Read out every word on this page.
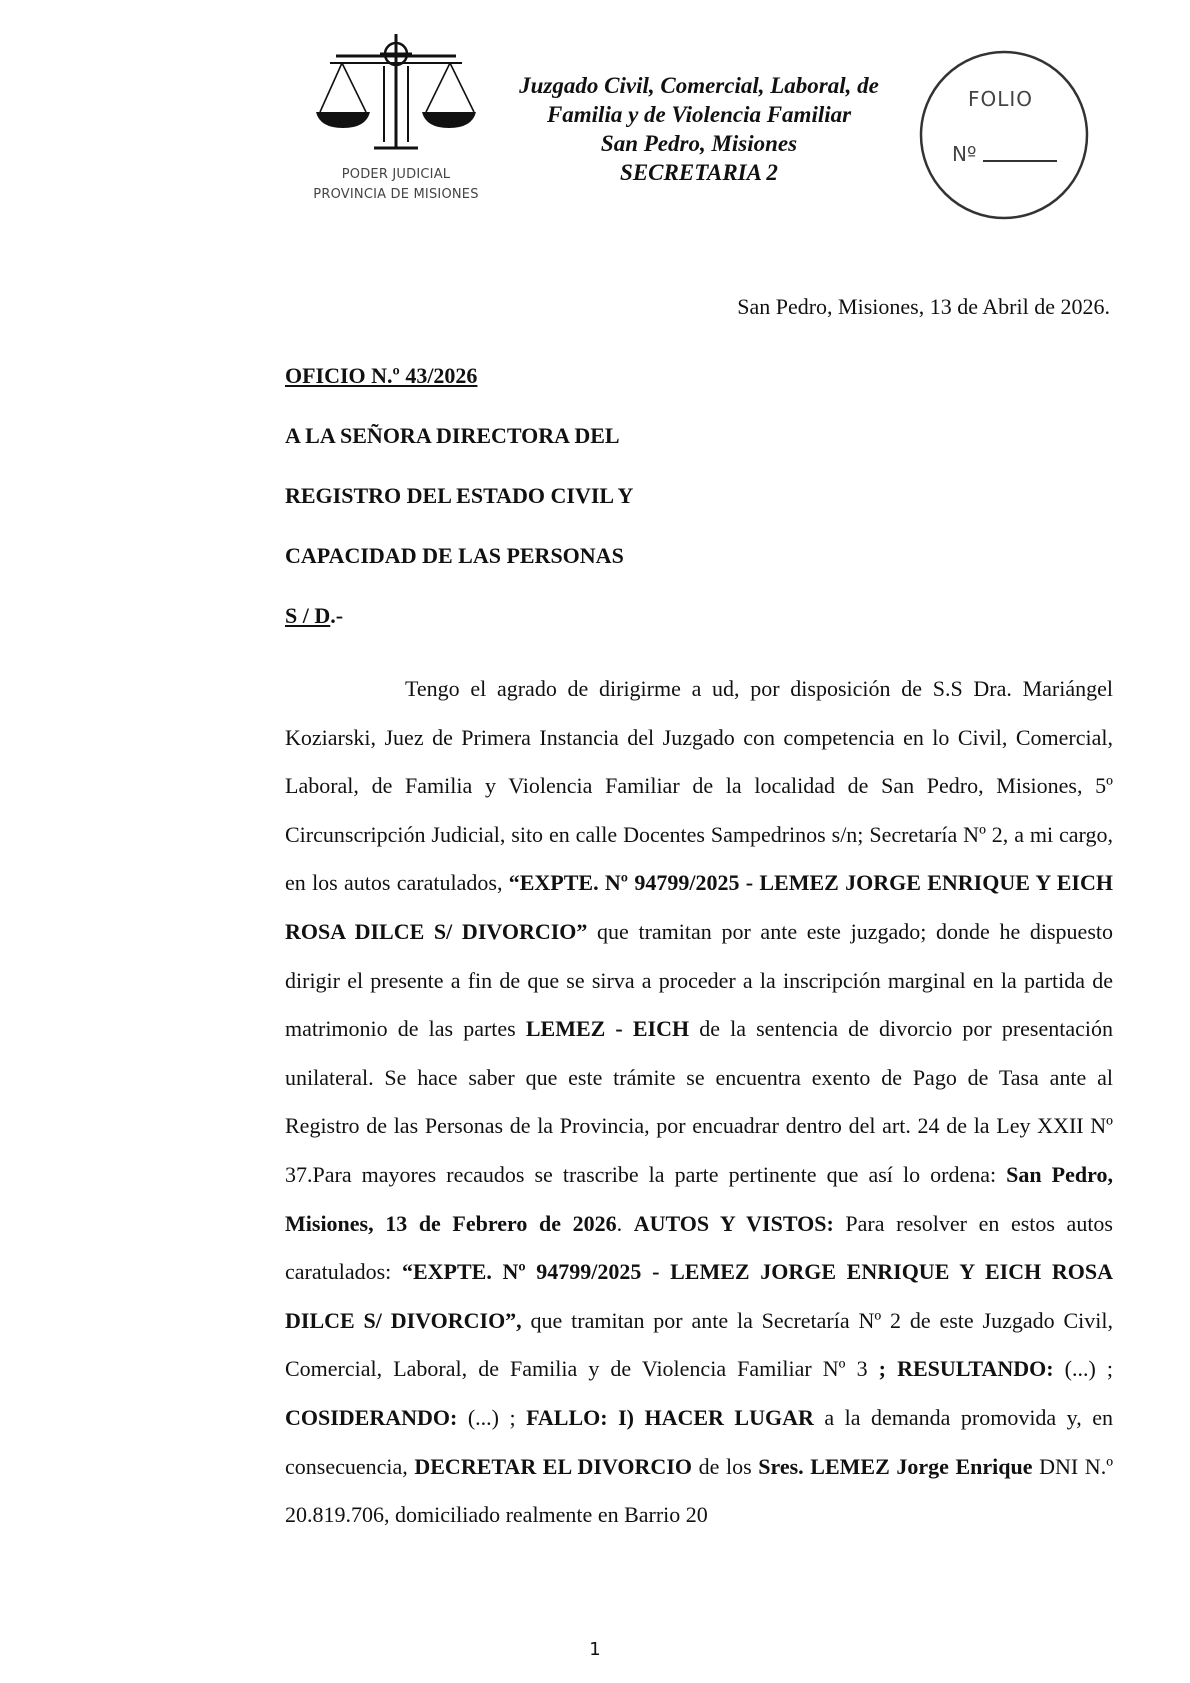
PODER JUDICIAL
PROVINCIA DE MISIONES
Juzgado Civil, Comercial, Laboral, de
Familia y de Violencia Familiar
San Pedro, Misiones
SECRETARIA 2
FOLIO
Nº
San Pedro, Misiones, 13 de Abril de 2026.
OFICIO N.º 43/2026
A LA SEÑORA DIRECTORA DEL
REGISTRO DEL ESTADO CIVIL Y
CAPACIDAD DE LAS PERSONAS
S / D.-

Tengo el agrado de dirigirme a ud, por disposición de S.S Dra. Mariángel Koziarski, Juez de Primera Instancia del Juzgado con competencia en lo Civil, Comercial, Laboral, de Familia y Violencia Familiar de la localidad de San Pedro, Misiones, 5º Circunscripción Judicial, sito en calle Docentes Sampedrinos s/n; Secretaría Nº 2, a mi cargo, en los autos caratulados, “EXPTE. Nº 94799/2025 - LEMEZ JORGE ENRIQUE Y EICH ROSA DILCE S/ DIVORCIO” que tramitan por ante este juzgado; donde he dispuesto dirigir el presente a fin de que se sirva a proceder a la inscripción marginal en la partida de matrimonio de las partes LEMEZ - EICH de la sentencia de divorcio por presentación unilateral. Se hace saber que este trámite se encuentra exento de Pago de Tasa ante al Registro de las Personas de la Provincia, por encuadrar dentro del art. 24 de la Ley XXII Nº 37.Para mayores recaudos se trascribe la parte pertinente que así lo ordena: San Pedro, Misiones, 13 de Febrero de 2026. AUTOS Y VISTOS: Para resolver en estos autos caratulados: “EXPTE. Nº 94799/2025 - LEMEZ JORGE ENRIQUE Y EICH ROSA DILCE S/ DIVORCIO”, que tramitan por ante la Secretaría Nº 2 de este Juzgado Civil, Comercial, Laboral, de Familia y de Violencia Familiar Nº 3 ; RESULTANDO: (...) ; COSIDERANDO: (...) ; FALLO: I) HACER LUGAR a la demanda promovida y, en consecuencia, DECRETAR EL DIVORCIO de los Sres. LEMEZ Jorge Enrique DNI N.º 20.819.706, domiciliado realmente en Barrio 20

1
